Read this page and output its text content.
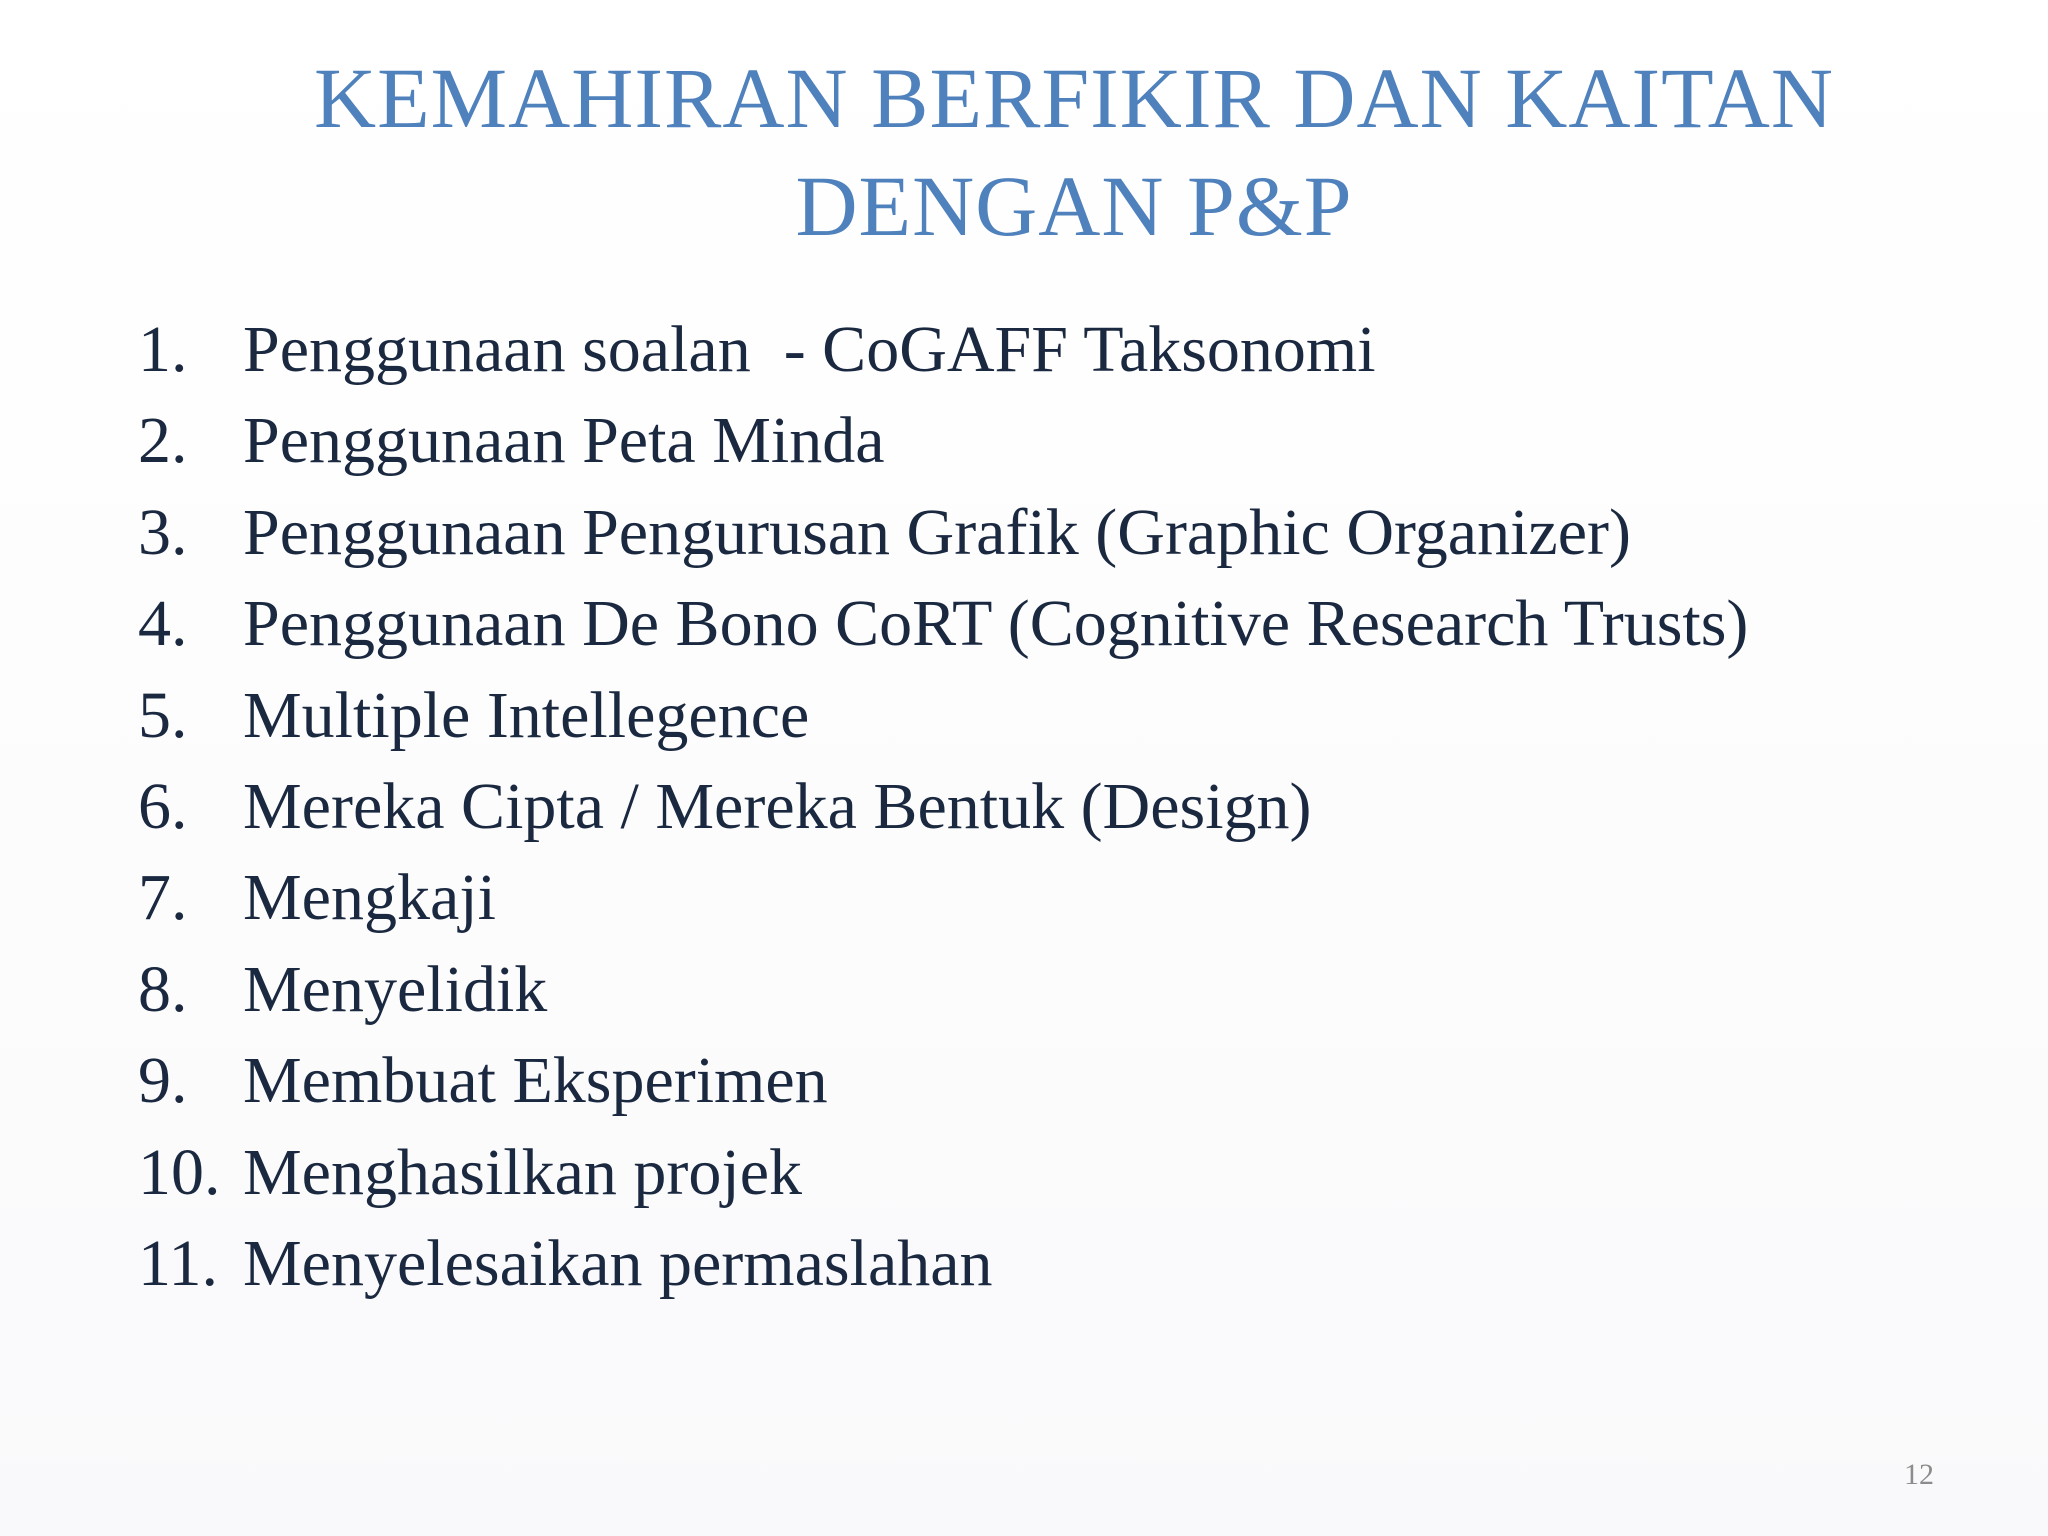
KEMAHIRAN BERFIKIR DAN KAITAN
DENGAN P&P
1. Penggunaan soalan  - CoGAFF Taksonomi
2. Penggunaan Peta Minda
3. Penggunaan Pengurusan Grafik (Graphic Organizer)
4. Penggunaan De Bono CoRT (Cognitive Research Trusts)
5. Multiple Intellegence
6. Mereka Cipta / Mereka Bentuk (Design)
7. Mengkaji
8. Menyelidik
9. Membuat Eksperimen
10. Menghasilkan projek
11. Menyelesaikan permaslahan
12
